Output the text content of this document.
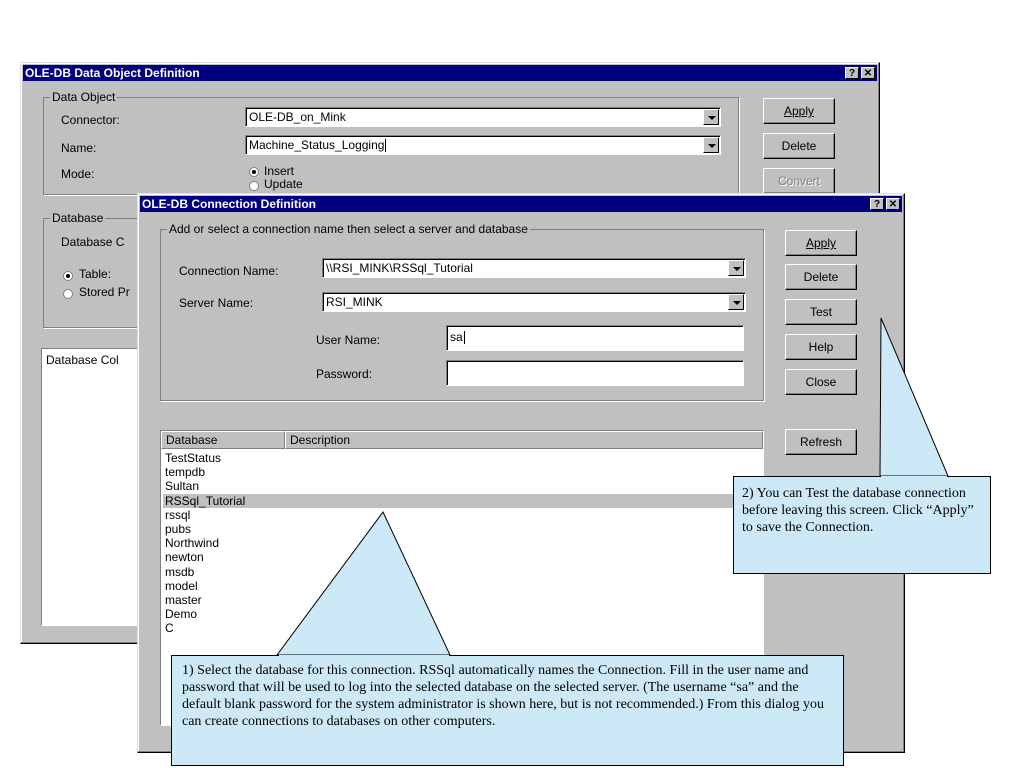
OLE-DB Data Object Definition	? ✕
Data Object
Connector:	OLE-DB_on_Mink
Name:	Machine_Status_Logging
Mode:	Insert
Update
Apply
Delete
Convert
Database
Database C
Table:
Stored Pr
Database Col
OLE-DB Connection Definition	? ✕
Add or select a connection name then select a server and database
Connection Name:	\\RSI_MINK\RSSql_Tutorial
Server Name:	RSI_MINK
User Name:	sa
Password:
Apply
Delete
Test
Help
Close
Refresh
Database	Description
TestStatus
tempdb
Sultan
RSSql_Tutorial
rssql
pubs
Northwind
newton
msdb
model
master
Demo
C
2) You can Test the database connection before leaving this screen. Click “Apply” to save the Connection.
1) Select the database for this connection. RSSql automatically names the Connection. Fill in the user name and password that will be used to log into the selected database on the selected server. (The username “sa” and the default blank password for the system administrator is shown here, but is not recommended.) From this dialog you can create connections to databases on other computers.
